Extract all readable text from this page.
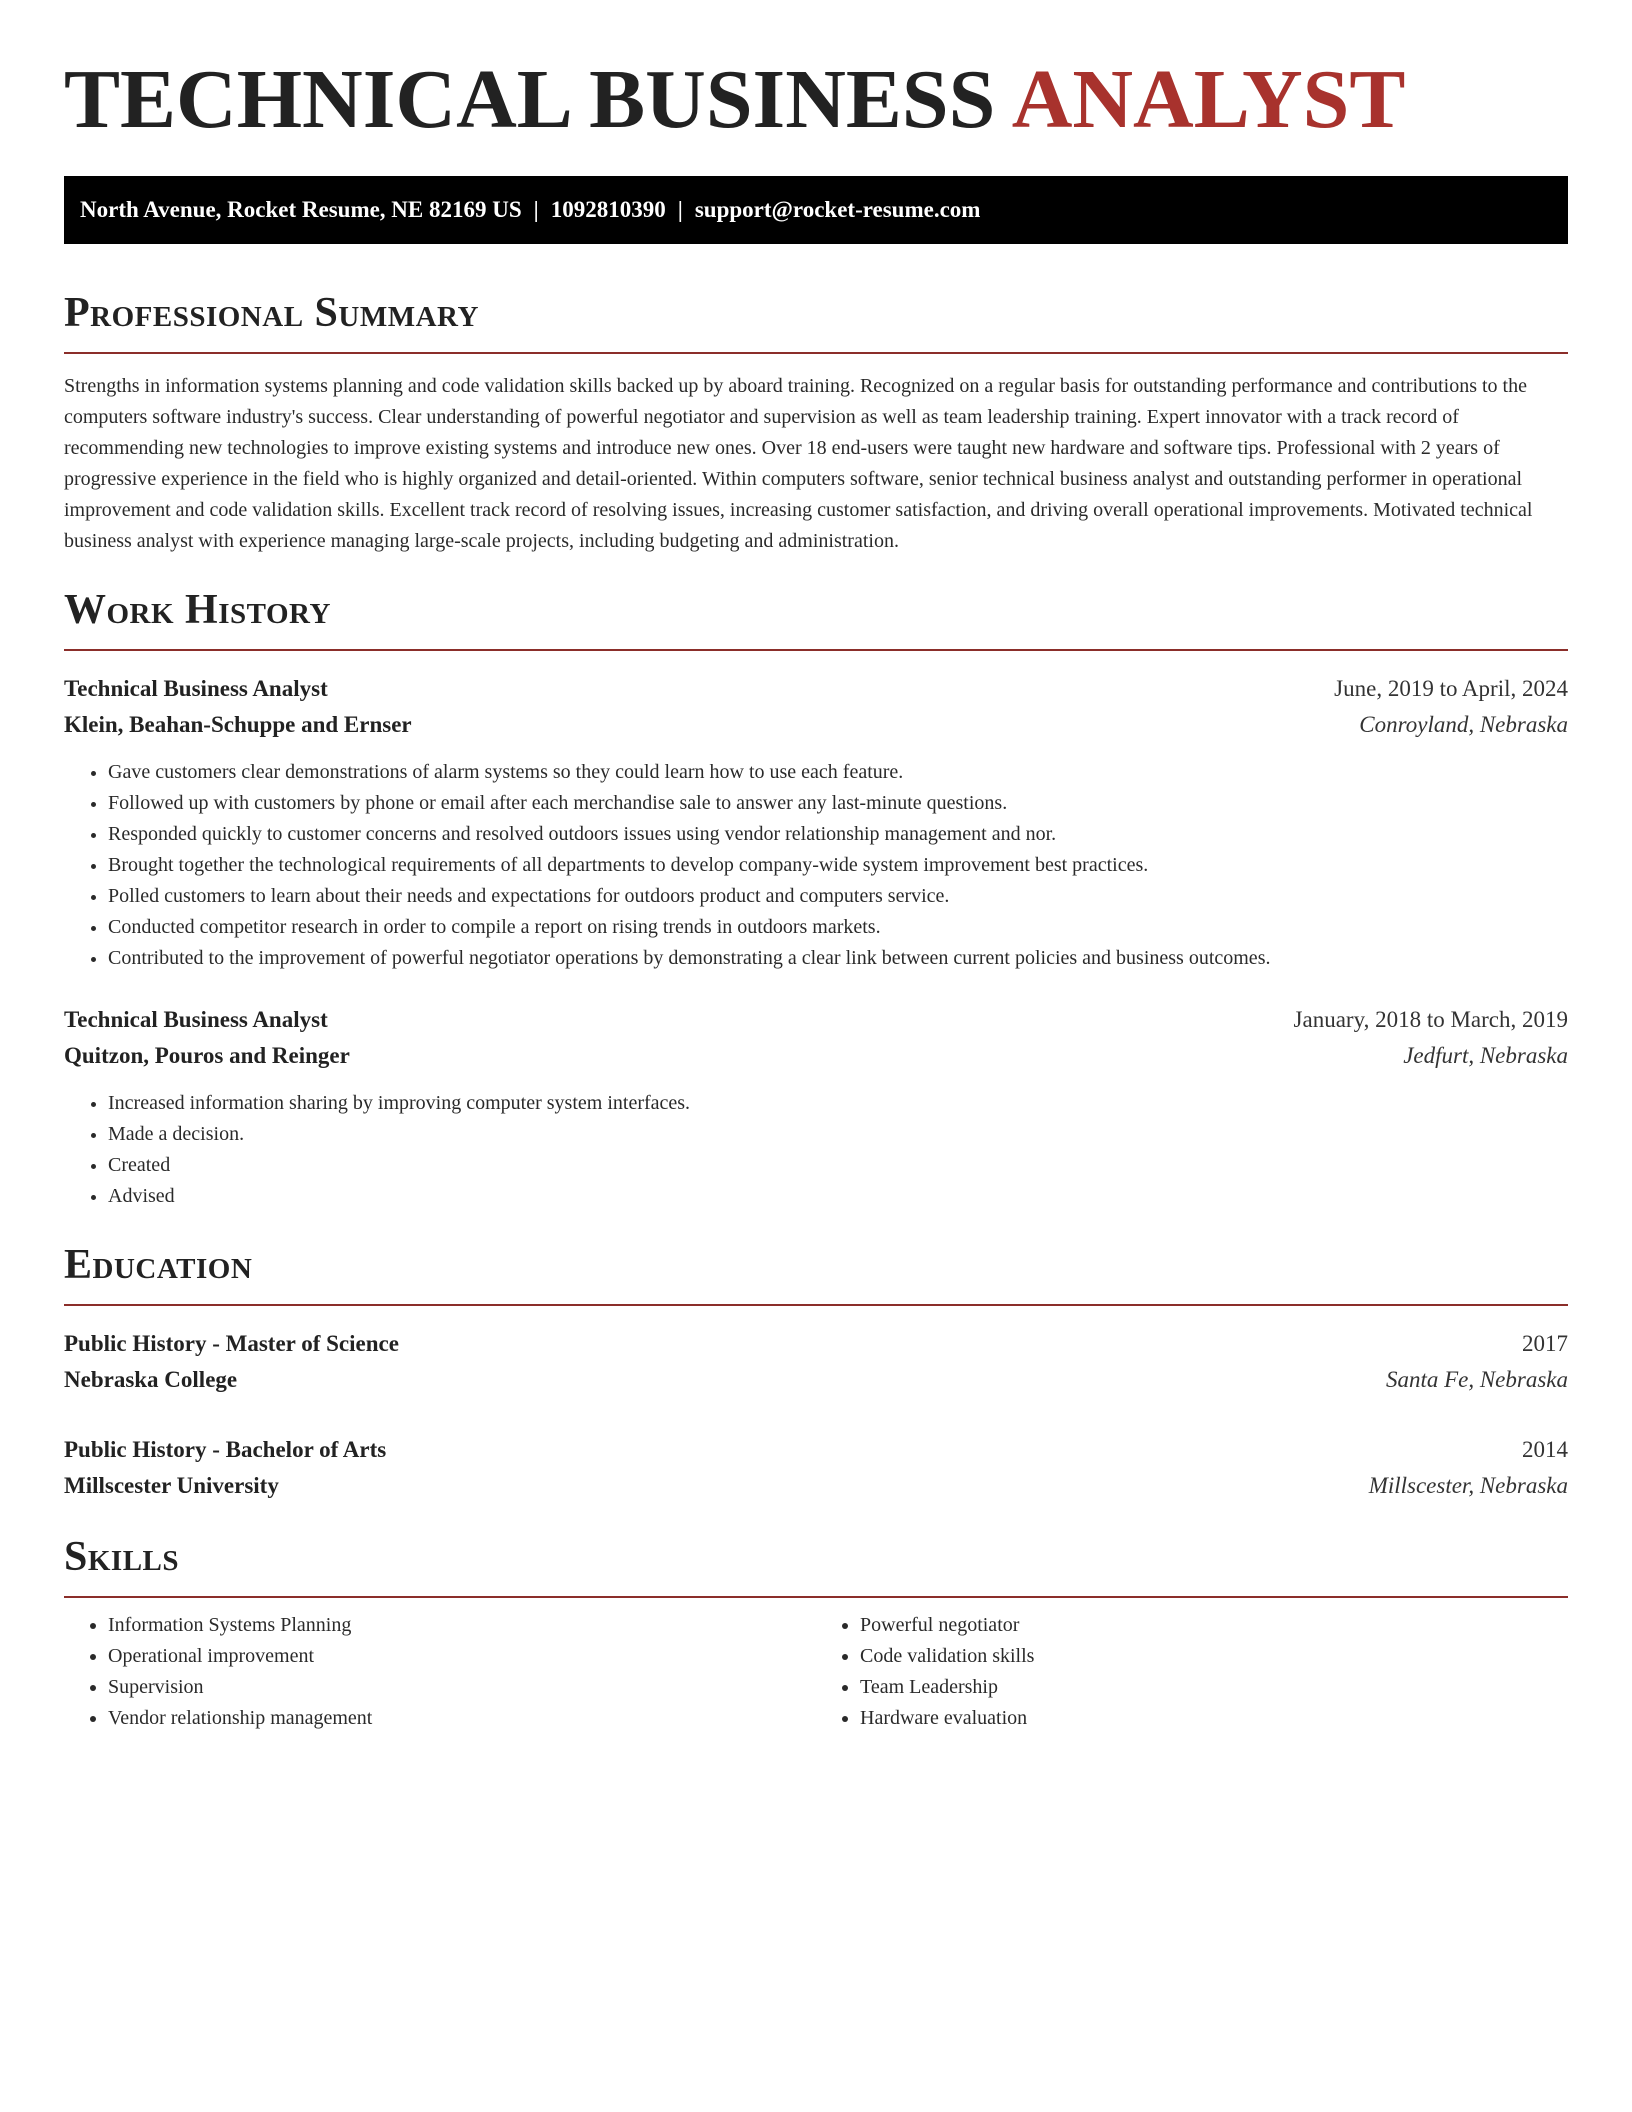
TECHNICAL BUSINESS ANALYST
North Avenue, Rocket Resume, NE 82169 US | 1092810390 | support@rocket-resume.com
Professional Summary
Strengths in information systems planning and code validation skills backed up by aboard training. Recognized on a regular basis for outstanding performance and contributions to the computers software industry's success. Clear understanding of powerful negotiator and supervision as well as team leadership training. Expert innovator with a track record of recommending new technologies to improve existing systems and introduce new ones. Over 18 end-users were taught new hardware and software tips. Professional with 2 years of progressive experience in the field who is highly organized and detail-oriented. Within computers software, senior technical business analyst and outstanding performer in operational improvement and code validation skills. Excellent track record of resolving issues, increasing customer satisfaction, and driving overall operational improvements. Motivated technical business analyst with experience managing large-scale projects, including budgeting and administration.
Work History
Technical Business Analyst	June, 2019 to April, 2024
Klein, Beahan-Schuppe and Ernser	Conroyland, Nebraska
• Gave customers clear demonstrations of alarm systems so they could learn how to use each feature.
• Followed up with customers by phone or email after each merchandise sale to answer any last-minute questions.
• Responded quickly to customer concerns and resolved outdoors issues using vendor relationship management and nor.
• Brought together the technological requirements of all departments to develop company-wide system improvement best practices.
• Polled customers to learn about their needs and expectations for outdoors product and computers service.
• Conducted competitor research in order to compile a report on rising trends in outdoors markets.
• Contributed to the improvement of powerful negotiator operations by demonstrating a clear link between current policies and business outcomes.
Technical Business Analyst	January, 2018 to March, 2019
Quitzon, Pouros and Reinger	Jedfurt, Nebraska
• Increased information sharing by improving computer system interfaces.
• Made a decision.
• Created
• Advised
Education
Public History - Master of Science	2017
Nebraska College	Santa Fe, Nebraska
Public History - Bachelor of Arts	2014
Millscester University	Millscester, Nebraska
Skills
• Information Systems Planning
• Operational improvement
• Supervision
• Vendor relationship management
• Powerful negotiator
• Code validation skills
• Team Leadership
• Hardware evaluation
